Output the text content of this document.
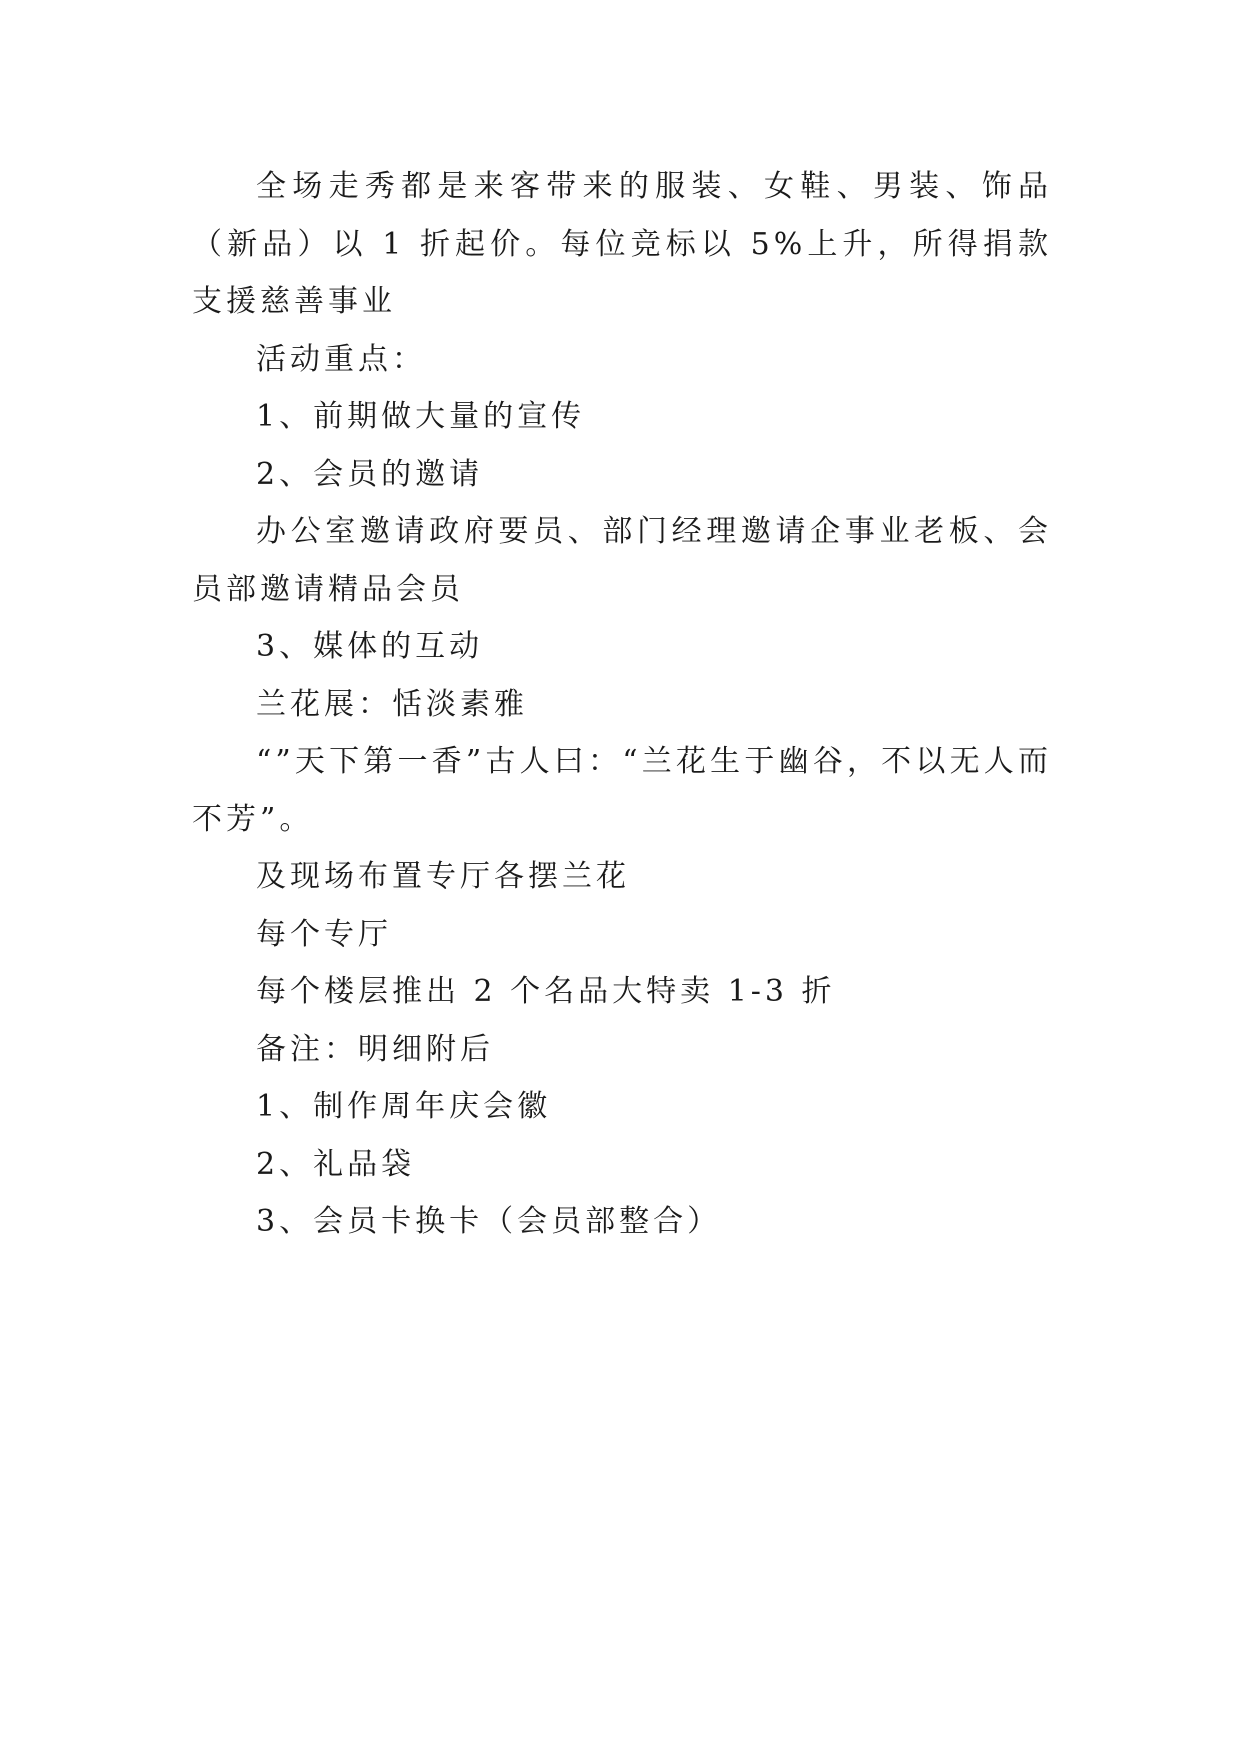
全场走秀都是来客带来的服装、女鞋、男装、饰品（新品）以 1 折起价。每位竞标以 5%上升，所得捐款支援慈善事业

活动重点：

1、前期做大量的宣传

2、会员的邀请

办公室邀请政府要员、部门经理邀请企事业老板、会员部邀请精品会员

3、媒体的互动

兰花展：恬淡素雅

“”天下第一香”古人曰：“兰花生于幽谷，不以无人而不芳”。

及现场布置专厅各摆兰花

每个专厅

每个楼层推出 2 个名品大特卖 1-3 折

备注：明细附后

1、制作周年庆会徽

2、礼品袋

3、会员卡换卡（会员部整合）
